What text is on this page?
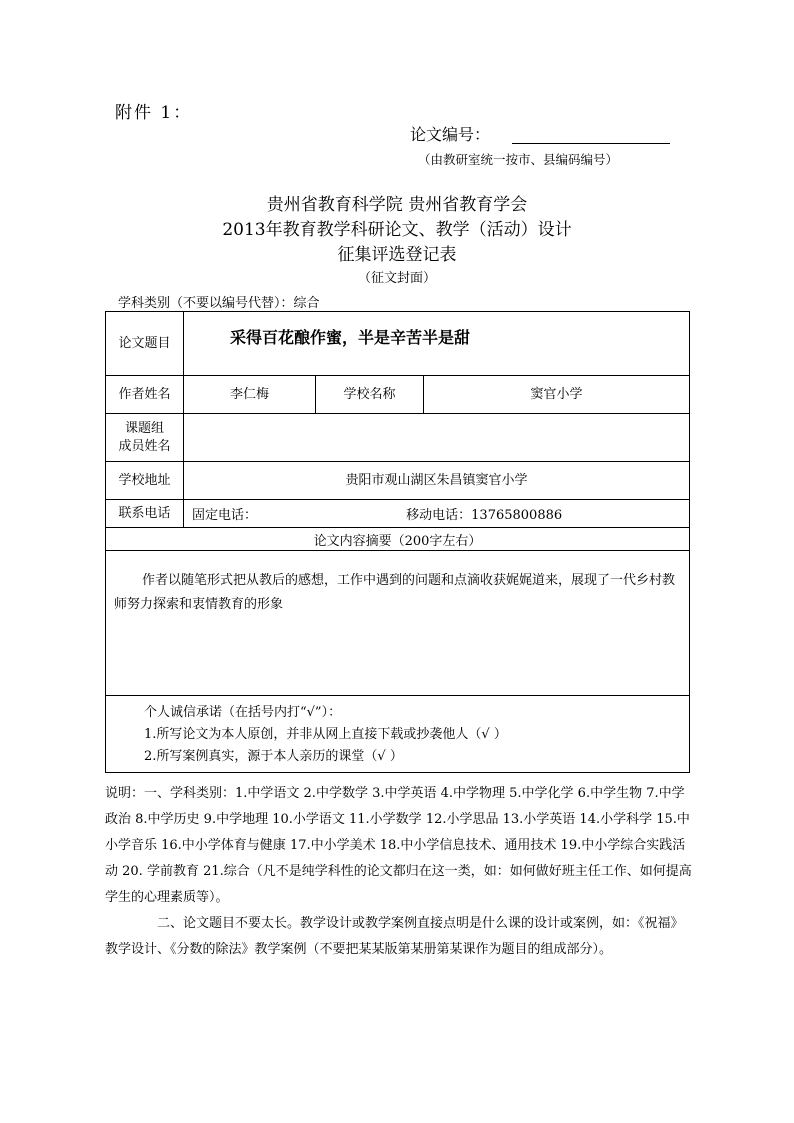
附件 1：
论文编号：
（由教研室统一按市、县编码编号）
贵州省教育科学院 贵州省教育学会
2013年教育教学科研论文、教学（活动）设计
征集评选登记表
（征文封面）
学科类别（不要以编号代替）：综合
论文题目	采得百花酿作蜜，半是辛苦半是甜		
作者姓名	李仁梅	学校名称	窦官小学

课题组
成员姓名			

学校地址	贵阳市观山湖区朱昌镇窦官小学		
联系电话	固定电话： 移动电话：13765800886		
论文内容摘要（200字左右）			
作者以随笔形式把从教后的感想，工作中遇到的问题和点滴收获娓娓道来，展现了一代乡村教师努力探索和衷情教育的形象			

个人诚信承诺（在括号内打“√”）：
1.所写论文为本人原创，并非从网上直接下载或抄袭他人（√ ）
2.所写案例真实，源于本人亲历的课堂（√ ）			

说明：一、学科类别：1.中学语文 2.中学数学 3.中学英语 4.中学物理 5.中学化学 6.中学生物 7.中学政治 8.中学历史 9.中学地理 10.小学语文 11.小学数学 12.小学思品 13.小学英语 14.小学科学 15.中小学音乐 16.中小学体育与健康 17.中小学美术 18.中小学信息技术、通用技术 19.中小学综合实践活动 20. 学前教育 21.综合（凡不是纯学科性的论文都归在这一类，如：如何做好班主任工作、如何提高学生的心理素质等）。

二、论文题目不要太长。教学设计或教学案例直接点明是什么课的设计或案例，如：《祝福》教学设计、《分数的除法》教学案例（不要把某某版第某册第某课作为题目的组成部分）。
